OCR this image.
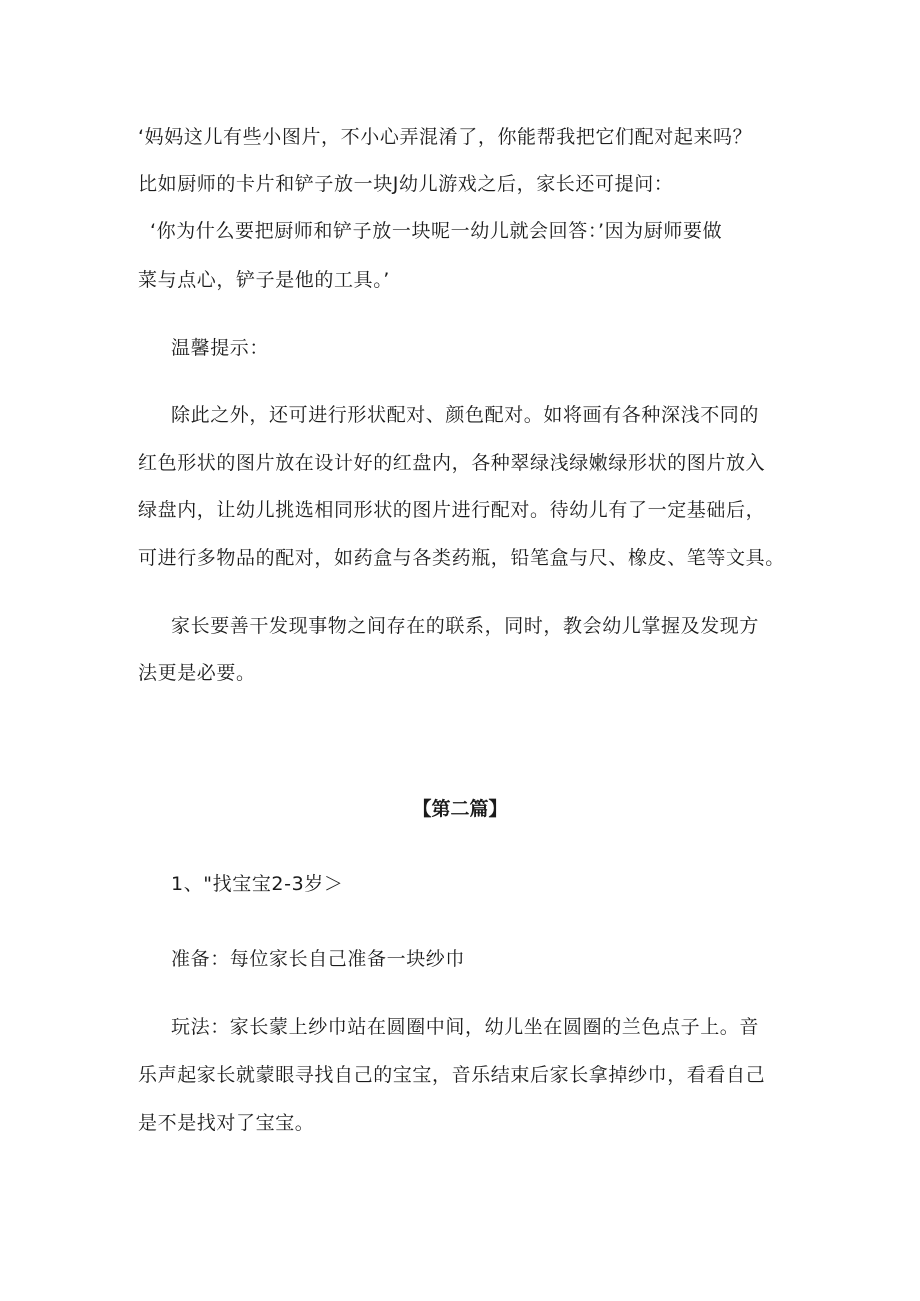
‘妈妈这儿有些小图片，不小心弄混淆了，你能帮我把它们配对起来吗？
比如厨师的卡片和铲子放一块J幼儿游戏之后，家长还可提问：
‘你为什么要把厨师和铲子放一块呢一幼儿就会回答：’因为厨师要做
菜与点心，铲子是他的工具。’
温馨提示：
除此之外，还可进行形状配对、颜色配对。如将画有各种深浅不同的
红色形状的图片放在设计好的红盘内，各种翠绿浅绿嫩绿形状的图片放入
绿盘内，让幼儿挑选相同形状的图片进行配对。待幼儿有了一定基础后，
可进行多物品的配对，如药盒与各类药瓶，铅笔盒与尺、橡皮、笔等文具。
家长要善干发现事物之间存在的联系，同时，教会幼儿掌握及发现方
法更是必要。
【第二篇】
1、"找宝宝2-3岁＞
准备：每位家长自己准备一块纱巾
玩法：家长蒙上纱巾站在圆圈中间，幼儿坐在圆圈的兰色点子上。音
乐声起家长就蒙眼寻找自己的宝宝，音乐结束后家长拿掉纱巾，看看自己
是不是找对了宝宝。
